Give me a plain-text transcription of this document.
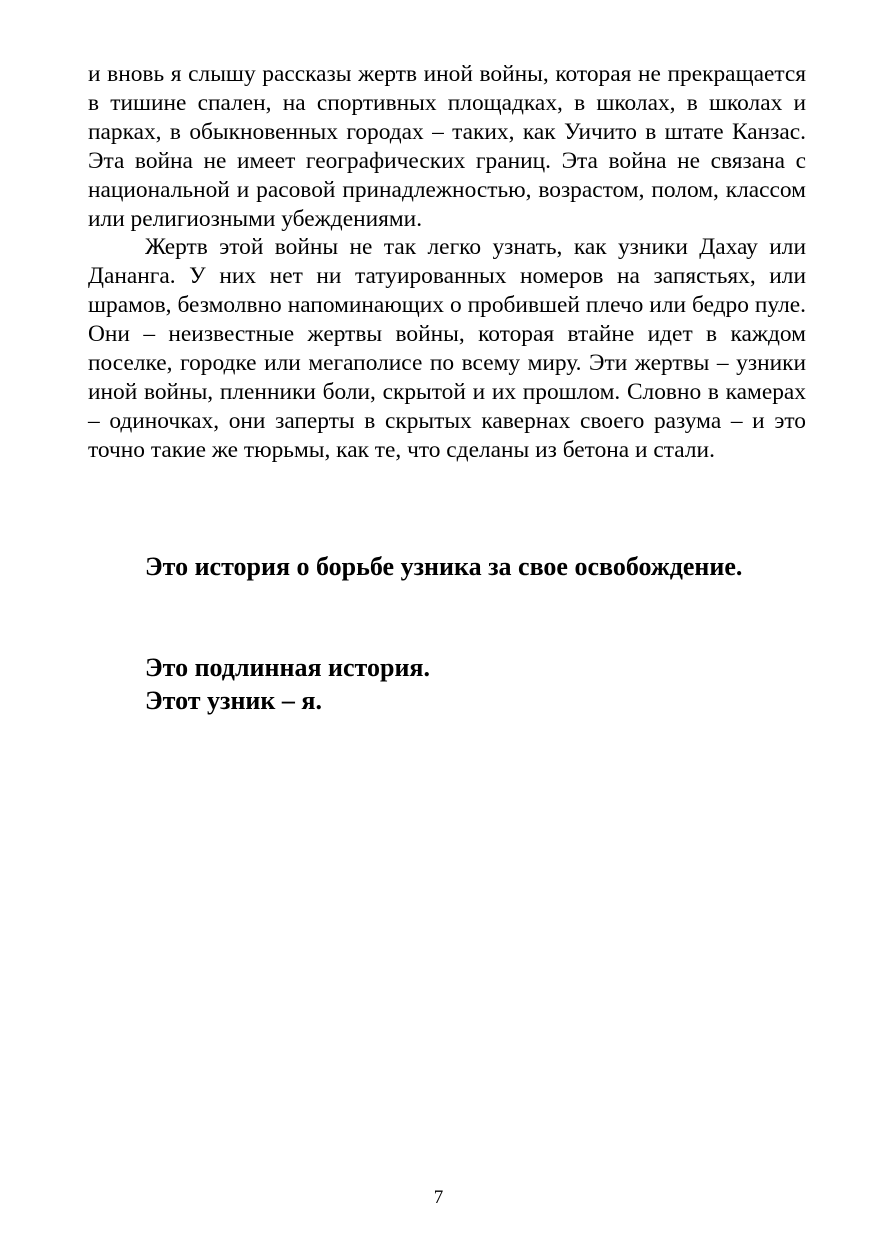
и вновь я слышу рассказы жертв иной войны, которая не прекращается в тишине спален, на спортивных площадках, в школах, в школах и парках, в обыкновенных городах – таких, как Уичито в штате Канзас. Эта война не имеет географических границ. Эта война не связана с национальной и расовой принадлежностью, возрастом, полом, классом или религиозными убеждениями.

Жертв этой войны не так легко узнать, как узники Дахау или Дананга. У них нет ни татуированных номеров на запястьях, или шрамов, безмолвно напоминающих о пробившей плечо или бедро пуле. Они – неизвестные жертвы войны, которая втайне идет в каждом поселке, городке или мегаполисе по всему миру. Эти жертвы – узники иной войны, пленники боли, скрытой и их прошлом. Словно в камерах – одиночках, они заперты в скрытых кавернах своего разума – и это точно такие же тюрьмы, как те, что сделаны из бетона и стали.

Это история о борьбе узника за свое освобождение.

Это подлинная история.

Этот узник – я.

7
